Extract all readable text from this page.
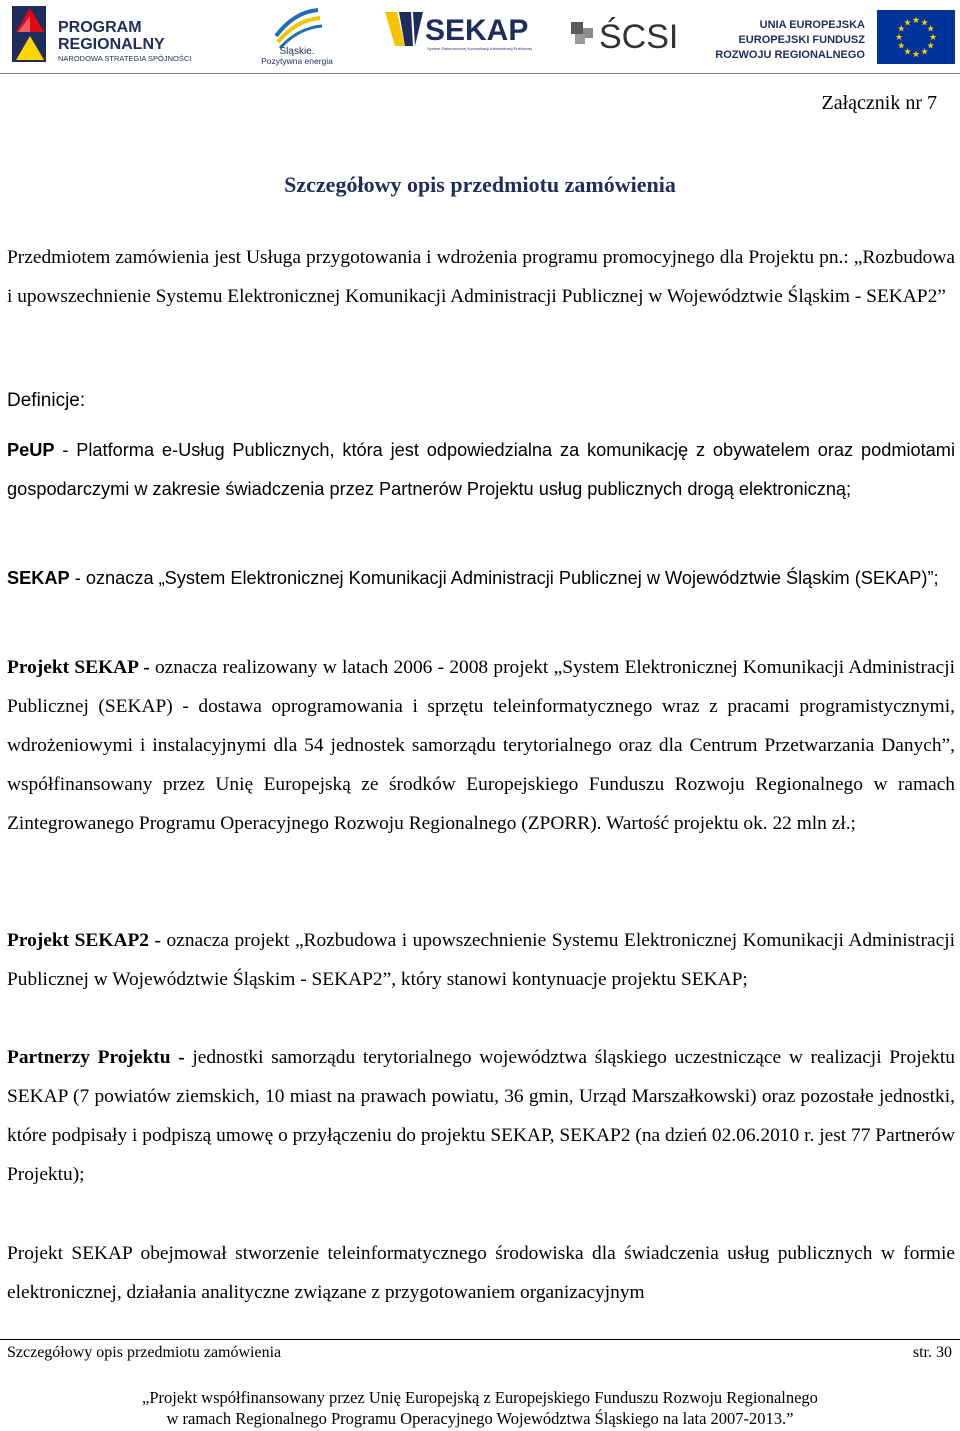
PROGRAM
REGIONALNY
NARODOWA STRATEGIA SPÓJNOŚCI
Śląskie.
Pozytywna energia
SEKAP
System Elektronicznej Komunikacji Administracji Publicznej ŚCSI	UNIA EUROPEJSKA
EUROPEJSKI FUNDUSZ
ROZWOJU REGIONALNEGO
★ ★
★
★
★
★
★
★
★
★
★
★
Załącznik nr 7
Szczegółowy opis przedmiotu zamówienia

Przedmiotem zamówienia jest Usługa przygotowania i wdrożenia programu promocyjnego dla Projektu pn.: „Rozbudowa i upowszechnienie Systemu Elektronicznej Komunikacji Administracji Publicznej w Województwie Śląskim - SEKAP2”

Definicje:

PeUP - Platforma e-Usług Publicznych, która jest odpowiedzialna za komunikację z obywatelem oraz podmiotami gospodarczymi w zakresie świadczenia przez Partnerów Projektu usług publicznych drogą elektroniczną;

SEKAP - oznacza „System Elektronicznej Komunikacji Administracji Publicznej w Województwie Śląskim (SEKAP)”;

Projekt SEKAP - oznacza realizowany w latach 2006 - 2008 projekt „System Elektronicznej Komunikacji Administracji Publicznej (SEKAP) - dostawa oprogramowania i sprzętu teleinformatycznego wraz z pracami programistycznymi, wdrożeniowymi i instalacyjnymi dla 54 jednostek samorządu terytorialnego oraz dla Centrum Przetwarzania Danych”, współfinansowany przez Unię Europejską ze środków Europejskiego Funduszu Rozwoju Regionalnego w ramach Zintegrowanego Programu Operacyjnego Rozwoju Regionalnego (ZPORR). Wartość projektu ok. 22 mln zł.;

Projekt SEKAP2 - oznacza projekt „Rozbudowa i upowszechnienie Systemu Elektronicznej Komunikacji Administracji Publicznej w Województwie Śląskim - SEKAP2”, który stanowi kontynuacje projektu SEKAP;

Partnerzy Projektu - jednostki samorządu terytorialnego województwa śląskiego uczestniczące w realizacji Projektu SEKAP (7 powiatów ziemskich, 10 miast na prawach powiatu, 36 gmin, Urząd Marszałkowski) oraz pozostałe jednostki, które podpisały i podpiszą umowę o przyłączeniu do projektu SEKAP, SEKAP2 (na dzień 02.06.2010 r. jest 77 Partnerów Projektu);

Projekt SEKAP obejmował stworzenie teleinformatycznego środowiska dla świadczenia usług publicznych w formie elektronicznej, działania analityczne związane z przygotowaniem organizacyjnym

Szczegółowy opis przedmiotu zamówienia	str. 30
„Projekt współfinansowany przez Unię Europejską z Europejskiego Funduszu Rozwoju Regionalnego
w ramach Regionalnego Programu Operacyjnego Województwa Śląskiego na lata 2007-2013.”
